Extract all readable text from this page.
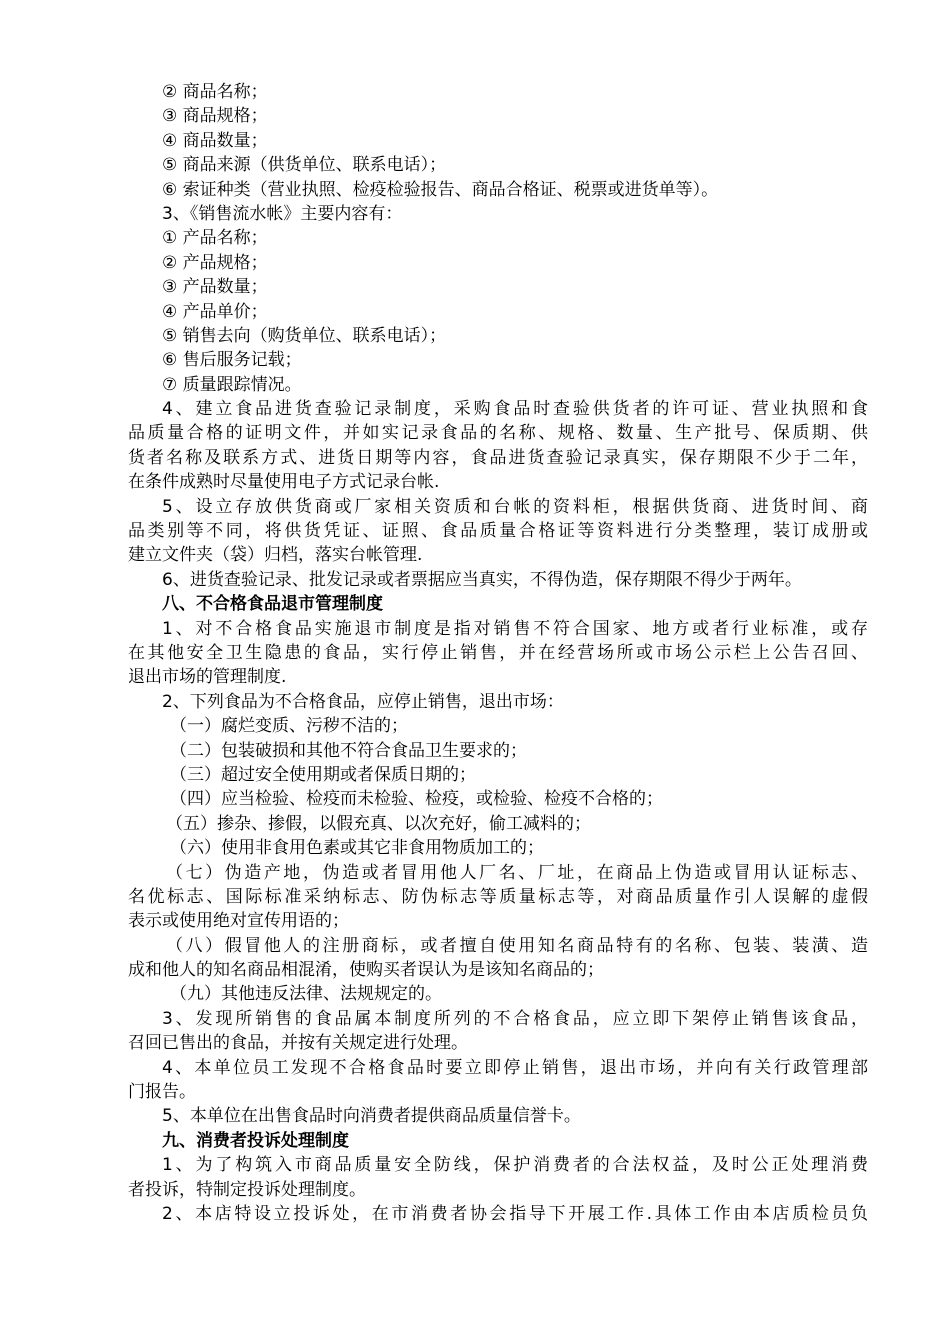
② 商品名称；
③ 商品规格；
④ 商品数量；
⑤ 商品来源（供货单位、联系电话）；
⑥ 索证种类（营业执照、检疫检验报告、商品合格证、税票或进货单等）。
3、《销售流水帐》主要内容有：
① 产品名称；
② 产品规格；
③ 产品数量；
④ 产品单价；
⑤ 销售去向（购货单位、联系电话）；
⑥ 售后服务记载；
⑦ 质量跟踪情况。
4、建立食品进货查验记录制度，采购食品时查验供货者的许可证、营业执照和食
品质量合格的证明文件，并如实记录食品的名称、规格、数量、生产批号、保质期、供
货者名称及联系方式、进货日期等内容，食品进货查验记录真实，保存期限不少于二年，
在条件成熟时尽量使用电子方式记录台帐.
5、设立存放供货商或厂家相关资质和台帐的资料柜，根据供货商、进货时间、商
品类别等不同，将供货凭证、证照、食品质量合格证等资料进行分类整理，装订成册或
建立文件夹（袋）归档，落实台帐管理.
6、进货查验记录、批发记录或者票据应当真实，不得伪造，保存期限不得少于两年。
八、不合格食品退市管理制度
1、对不合格食品实施退市制度是指对销售不符合国家、地方或者行业标准，或存
在其他安全卫生隐患的食品，实行停止销售，并在经营场所或市场公示栏上公告召回、
退出市场的管理制度.
2、下列食品为不合格食品，应停止销售，退出市场：
（一）腐烂变质、污秽不洁的；
（二）包装破损和其他不符合食品卫生要求的；
（三）超过安全使用期或者保质日期的；
（四）应当检验、检疫而未检验、检疫，或检验、检疫不合格的；
（五）掺杂、掺假，以假充真、以次充好，偷工减料的；
（六）使用非食用色素或其它非食用物质加工的；
（七）伪造产地，伪造或者冒用他人厂名、厂址，在商品上伪造或冒用认证标志、
名优标志、国际标准采纳标志、防伪标志等质量标志等，对商品质量作引人误解的虚假
表示或使用绝对宣传用语的；
（八）假冒他人的注册商标，或者擅自使用知名商品特有的名称、包装、装潢、造
成和他人的知名商品相混淆，使购买者误认为是该知名商品的；
（九）其他违反法律、法规规定的。
3、发现所销售的食品属本制度所列的不合格食品，应立即下架停止销售该食品，
召回已售出的食品，并按有关规定进行处理。
4、本单位员工发现不合格食品时要立即停止销售，退出市场，并向有关行政管理部
门报告。
5、本单位在出售食品时向消费者提供商品质量信誉卡。
九、消费者投诉处理制度
1、为了构筑入市商品质量安全防线，保护消费者的合法权益，及时公正处理消费
者投诉，特制定投诉处理制度。
2、本店特设立投诉处，在市消费者协会指导下开展工作.具体工作由本店质检员负
